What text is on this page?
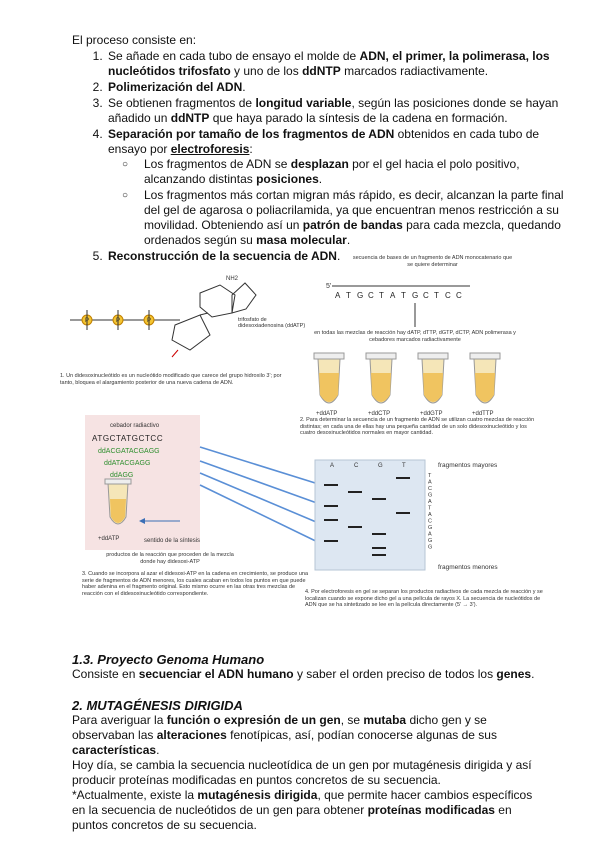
El proceso consiste en:

1. Se añade en cada tubo de ensayo el molde de ADN, el primer, la polimerasa, los nucleótidos trifosfato y uno de los ddNTP marcados radiactivamente.
2. Polimerización del ADN.
3. Se obtienen fragmentos de longitud variable, según las posiciones donde se hayan añadido un ddNTP que haya parado la síntesis de la cadena en formación.
4. Separación por tamaño de los fragmentos de ADN obtenidos en cada tubo de ensayo por electroforesis:
○ Los fragmentos de ADN se desplazan por el gel hacia el polo positivo, alcanzando distintas posiciones.
○ Los fragmentos más cortan migran más rápido, es decir, alcanzan la parte final del gel de agarosa o poliacrilamida, ya que encuentran menos restricción a su movilidad. Obteniendo así un patrón de bandas para cada mezcla, quedando ordenados según su masa molecular.
5. Reconstrucción de la secuencia de ADN.
NH2
P	P	P	trifosfato de didesoxiadenosina (ddATP)
1. Un didesoxinucleótido es un nucleótido modificado que carece del grupo hidroxilo 3'; por tanto, bloquea el alargamiento posterior de una nueva cadena de ADN.
secuencia de bases de un fragmento de ADN monocatenario que se quiere determinar
5'
A T G C T A T G C T C C
en todas las mezclas de reacción hay dATP, dTTP, dGTP, dCTP, ADN polimerasa y cebadores marcados radiactivamente
+ddATP	+ddCTP	+ddGTP	+ddTTP
2. Para determinar la secuencia de un fragmento de ADN se utilizan cuatro mezclas de reacción distintas; en cada una de ellas hay una pequeña cantidad de un solo didesoxinucleótido y los cuatro desoxinucleótidos normales en mayor cantidad.
cebador radiactivo
ATGCTATGCTCC
ddACGATACGAGG
ddATACGAGG
ddAGG
+ddATP	sentido de la síntesis
productos de la reacción que proceden de la mezcla donde hay didesoxi-ATP
A	C	G	T	fragmentos mayores
fragmentos menores
T
A
C
G
A
T
A
C
G
A
G
G
3. Cuando se incorpora al azar el didesoxi-ATP en la cadena en crecimiento, se produce una serie de fragmentos de ADN menores, los cuales acaban en todos los puntos en que puede haber adenina en el fragmento original. Esto mismo ocurre en las otras tres mezclas de reacción con el didesoxinucleótido correspondiente.	4. Por electroforesis en gel se separan los productos radiactivos de cada mezcla de reacción y se localizan cuando se expone dicho gel a una película de rayos X. La secuencia de nucleótidos de ADN que se ha sintetizado se lee en la película directamente (5' → 3').
1.3. Proyecto Genoma Humano

Consiste en secuenciar el ADN humano y saber el orden preciso de todos los genes.

2. MUTAGÉNESIS DIRIGIDA

Para averiguar la función o expresión de un gen, se mutaba dicho gen y se observaban las alteraciones fenotípicas, así, podían conocerse algunas de sus características.

Hoy día, se cambia la secuencia nucleotídica de un gen por mutagénesis dirigida y así producir proteínas modificadas en puntos concretos de su secuencia.

*Actualmente, existe la mutagénesis dirigida, que permite hacer cambios específicos en la secuencia de nucleótidos de un gen para obtener proteínas modificadas en puntos concretos de su secuencia.
